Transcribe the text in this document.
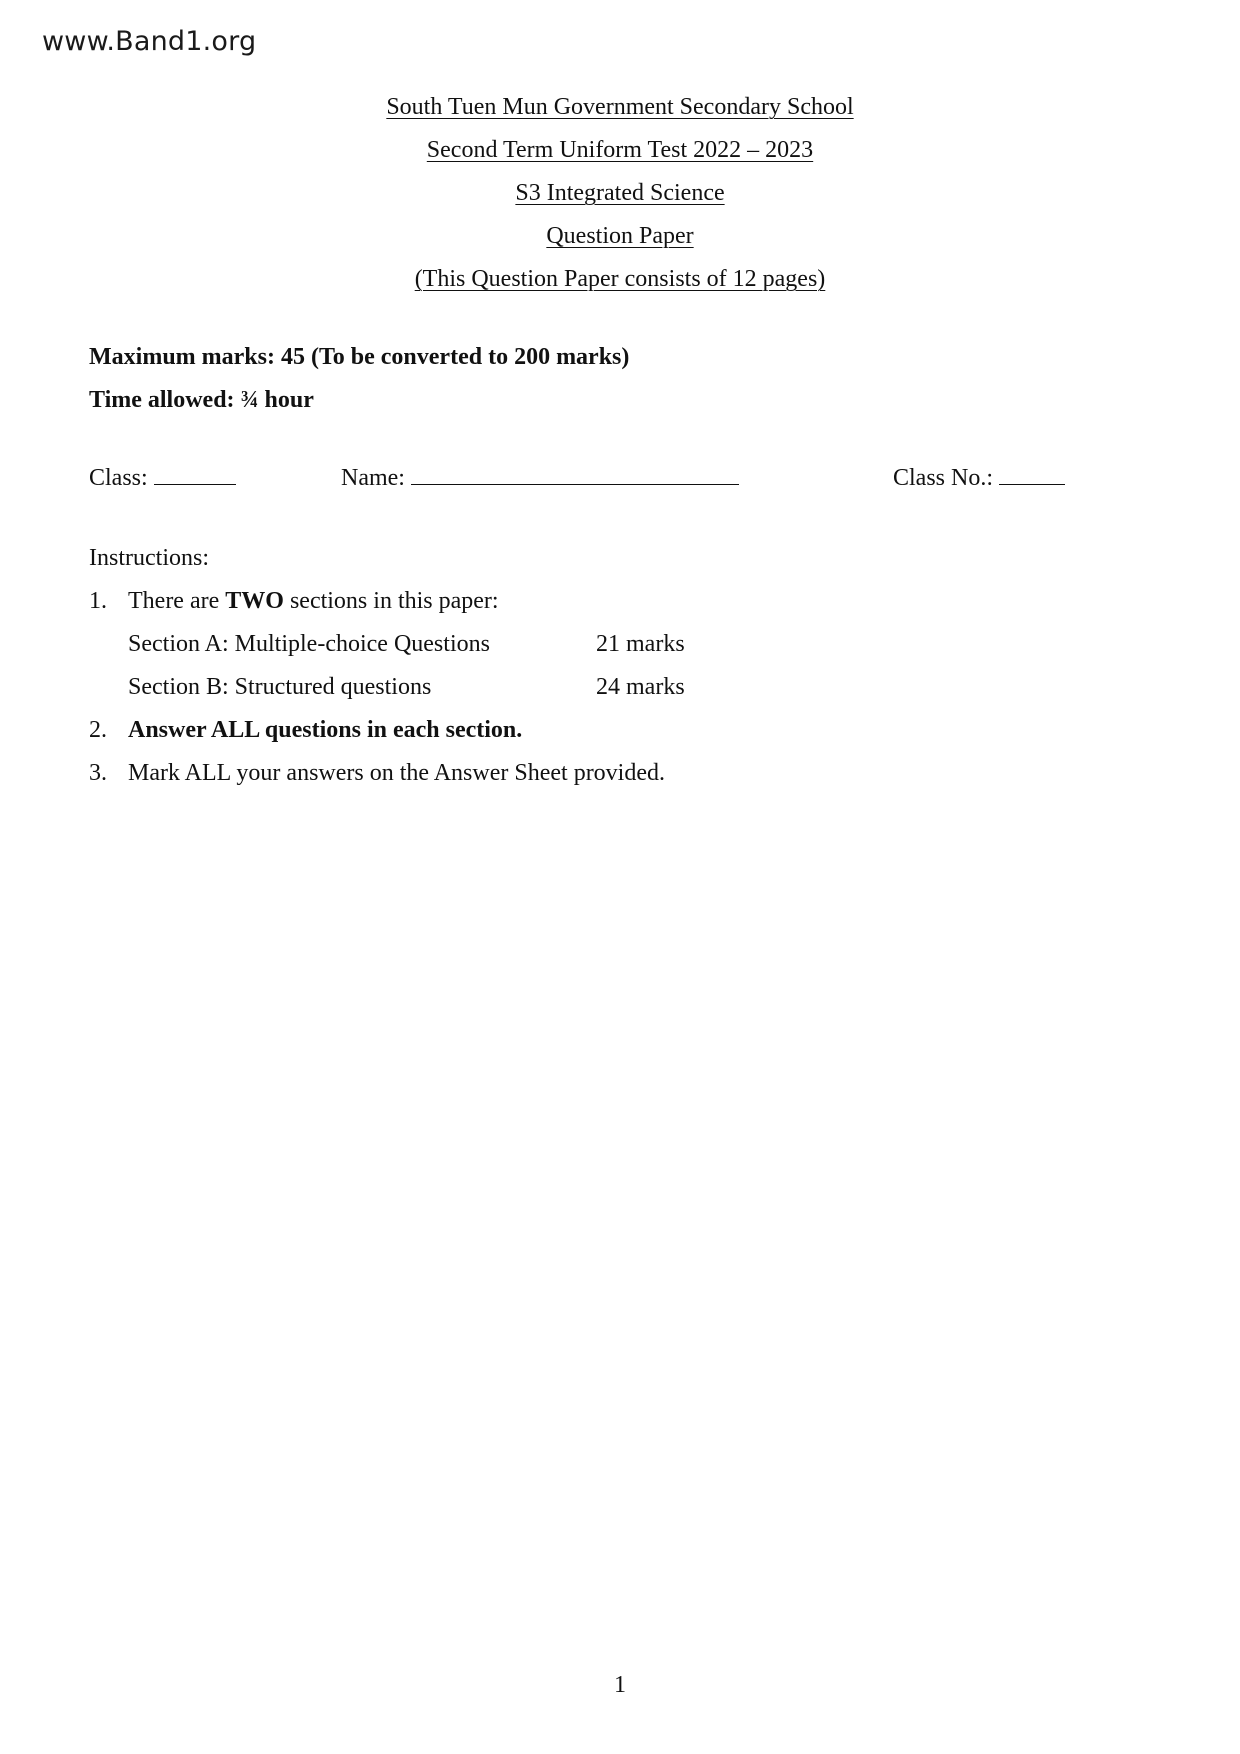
www.Band1.org
South Tuen Mun Government Secondary School
Second Term Uniform Test 2022 – 2023
S3 Integrated Science
Question Paper
(This Question Paper consists of 12 pages)
Maximum marks: 45 (To be converted to 200 marks)
Time allowed: ¾ hour
Class:	Name:	Class No.:
Instructions:
1. There are TWO sections in this paper:
Section A: Multiple-choice Questions	21 marks
Section B: Structured questions	24 marks
2. Answer ALL questions in each section.
3. Mark ALL your answers on the Answer Sheet provided.
1
